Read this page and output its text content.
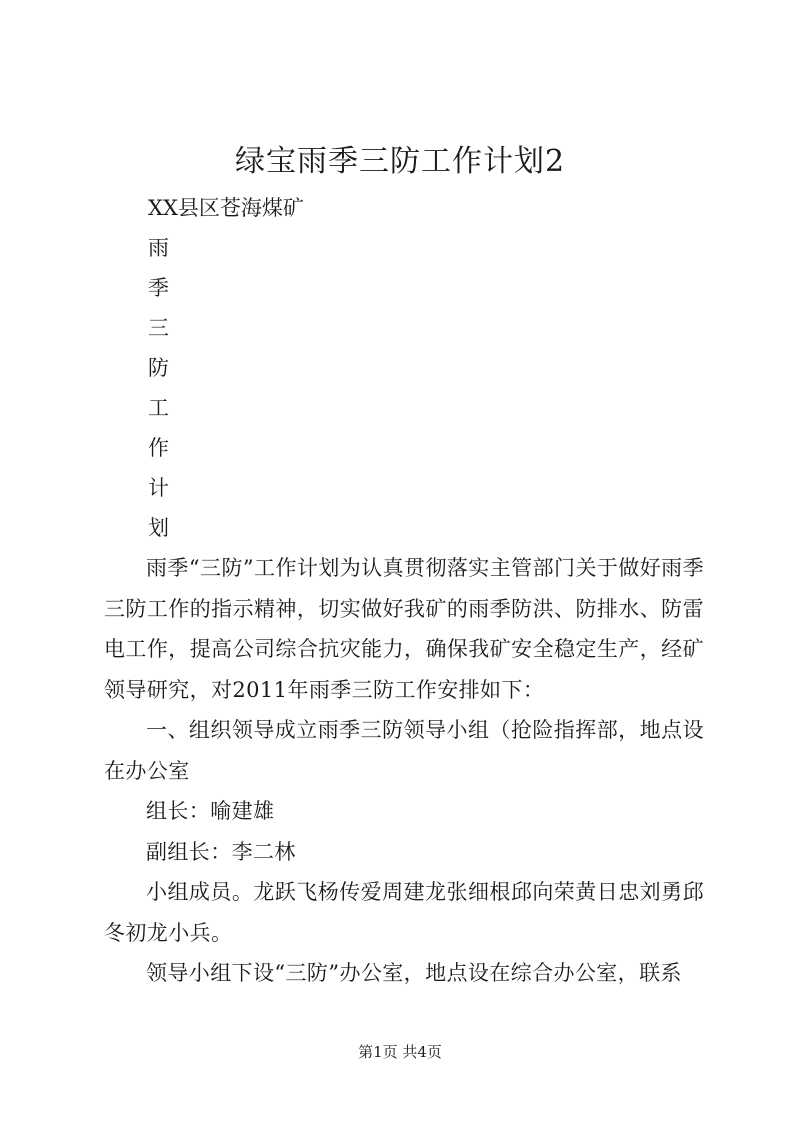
绿宝雨季三防工作计划2
XX县区苍海煤矿
雨
季
三
防
工
作
计
划
雨季“三防”工作计划为认真贯彻落实主管部门关于做好雨季三防工作的指示精神，切实做好我矿的雨季防洪、防排水、防雷电工作，提高公司综合抗灾能力，确保我矿安全稳定生产，经矿领导研究，对2011年雨季三防工作安排如下：
一、组织领导成立雨季三防领导小组（抢险指挥部，地点设在办公室
组长：喻建雄
副组长：李二林
小组成员。龙跃飞杨传爱周建龙张细根邱向荣黄日忠刘勇邱冬初龙小兵。
领导小组下设“三防”办公室，地点设在综合办公室，联系
第1页 共4页
